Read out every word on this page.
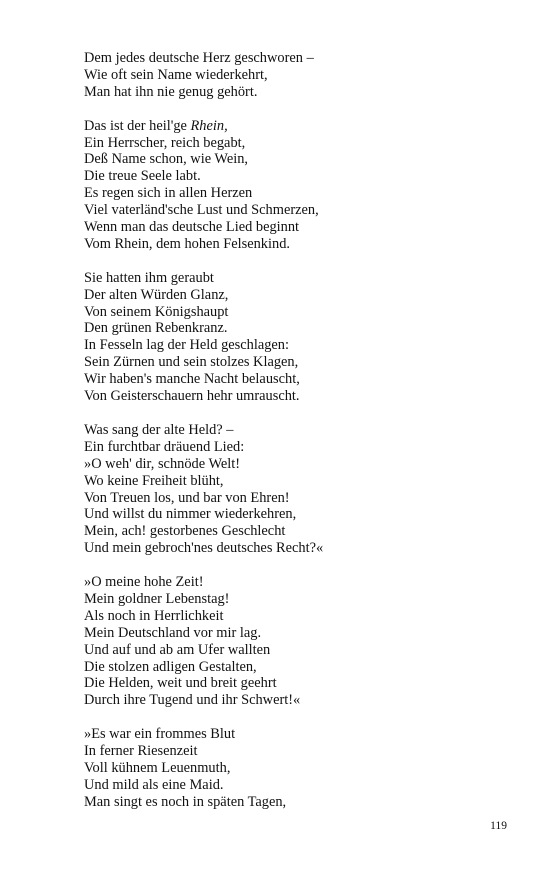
Dem jedes deutsche Herz geschworen –
Wie oft sein Name wiederkehrt,
Man hat ihn nie genug gehört.
Das ist der heil'ge Rhein,
Ein Herrscher, reich begabt,
Deß Name schon, wie Wein,
Die treue Seele labt.
Es regen sich in allen Herzen
Viel vaterländ'sche Lust und Schmerzen,
Wenn man das deutsche Lied beginnt
Vom Rhein, dem hohen Felsenkind.
Sie hatten ihm geraubt
Der alten Würden Glanz,
Von seinem Königshaupt
Den grünen Rebenkranz.
In Fesseln lag der Held geschlagen:
Sein Zürnen und sein stolzes Klagen,
Wir haben's manche Nacht belauscht,
Von Geisterschauern hehr umrauscht.
Was sang der alte Held? –
Ein furchtbar dräuend Lied:
»O weh' dir, schnöde Welt!
Wo keine Freiheit blüht,
Von Treuen los, und bar von Ehren!
Und willst du nimmer wiederkehren,
Mein, ach! gestorbenes Geschlecht
Und mein gebroch'nes deutsches Recht?«
»O meine hohe Zeit!
Mein goldner Lebenstag!
Als noch in Herrlichkeit
Mein Deutschland vor mir lag.
Und auf und ab am Ufer wallten
Die stolzen adligen Gestalten,
Die Helden, weit und breit geehrt
Durch ihre Tugend und ihr Schwert!«
»Es war ein frommes Blut
In ferner Riesenzeit
Voll kühnem Leuenmuth,
Und mild als eine Maid.
Man singt es noch in späten Tagen,
119
